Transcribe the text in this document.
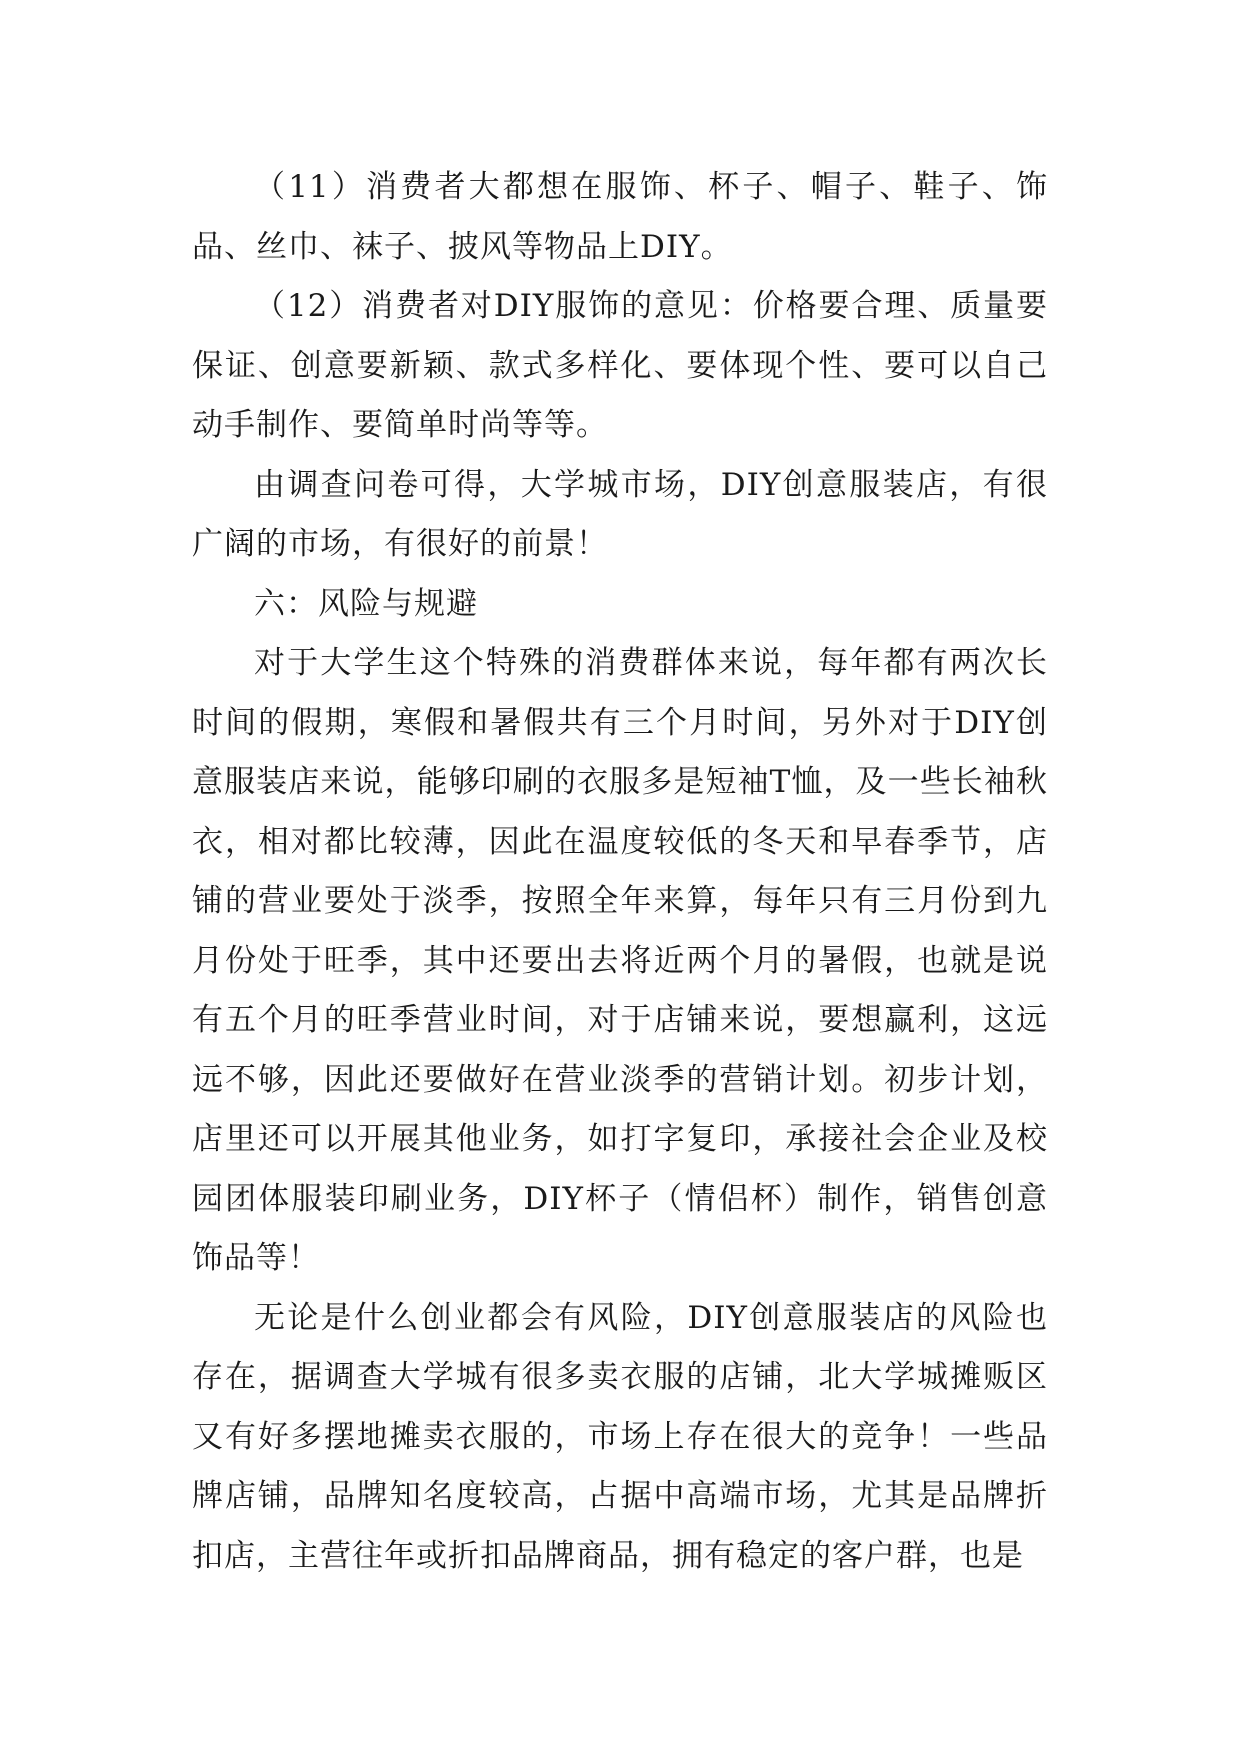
（11）消费者大都想在服饰、杯子、帽子、鞋子、饰品、丝巾、袜子、披风等物品上DIY。

（12）消费者对DIY服饰的意见：价格要合理、质量要保证、创意要新颖、款式多样化、要体现个性、要可以自己动手制作、要简单时尚等等。

由调查问卷可得，大学城市场，DIY创意服装店，有很广阔的市场，有很好的前景！

六：风险与规避

对于大学生这个特殊的消费群体来说，每年都有两次长时间的假期，寒假和暑假共有三个月时间，另外对于DIY创意服装店来说，能够印刷的衣服多是短袖T恤，及一些长袖秋衣，相对都比较薄，因此在温度较低的冬天和早春季节，店铺的营业要处于淡季，按照全年来算，每年只有三月份到九月份处于旺季，其中还要出去将近两个月的暑假，也就是说有五个月的旺季营业时间，对于店铺来说，要想赢利，这远远不够，因此还要做好在营业淡季的营销计划。初步计划，店里还可以开展其他业务，如打字复印，承接社会企业及校园团体服装印刷业务，DIY杯子（情侣杯）制作，销售创意饰品等！

无论是什么创业都会有风险，DIY创意服装店的风险也存在，据调查大学城有很多卖衣服的店铺，北大学城摊贩区又有好多摆地摊卖衣服的，市场上存在很大的竞争！一些品牌店铺，品牌知名度较高，占据中高端市场，尤其是品牌折扣店，主营往年或折扣品牌商品，拥有稳定的客户群，也是
